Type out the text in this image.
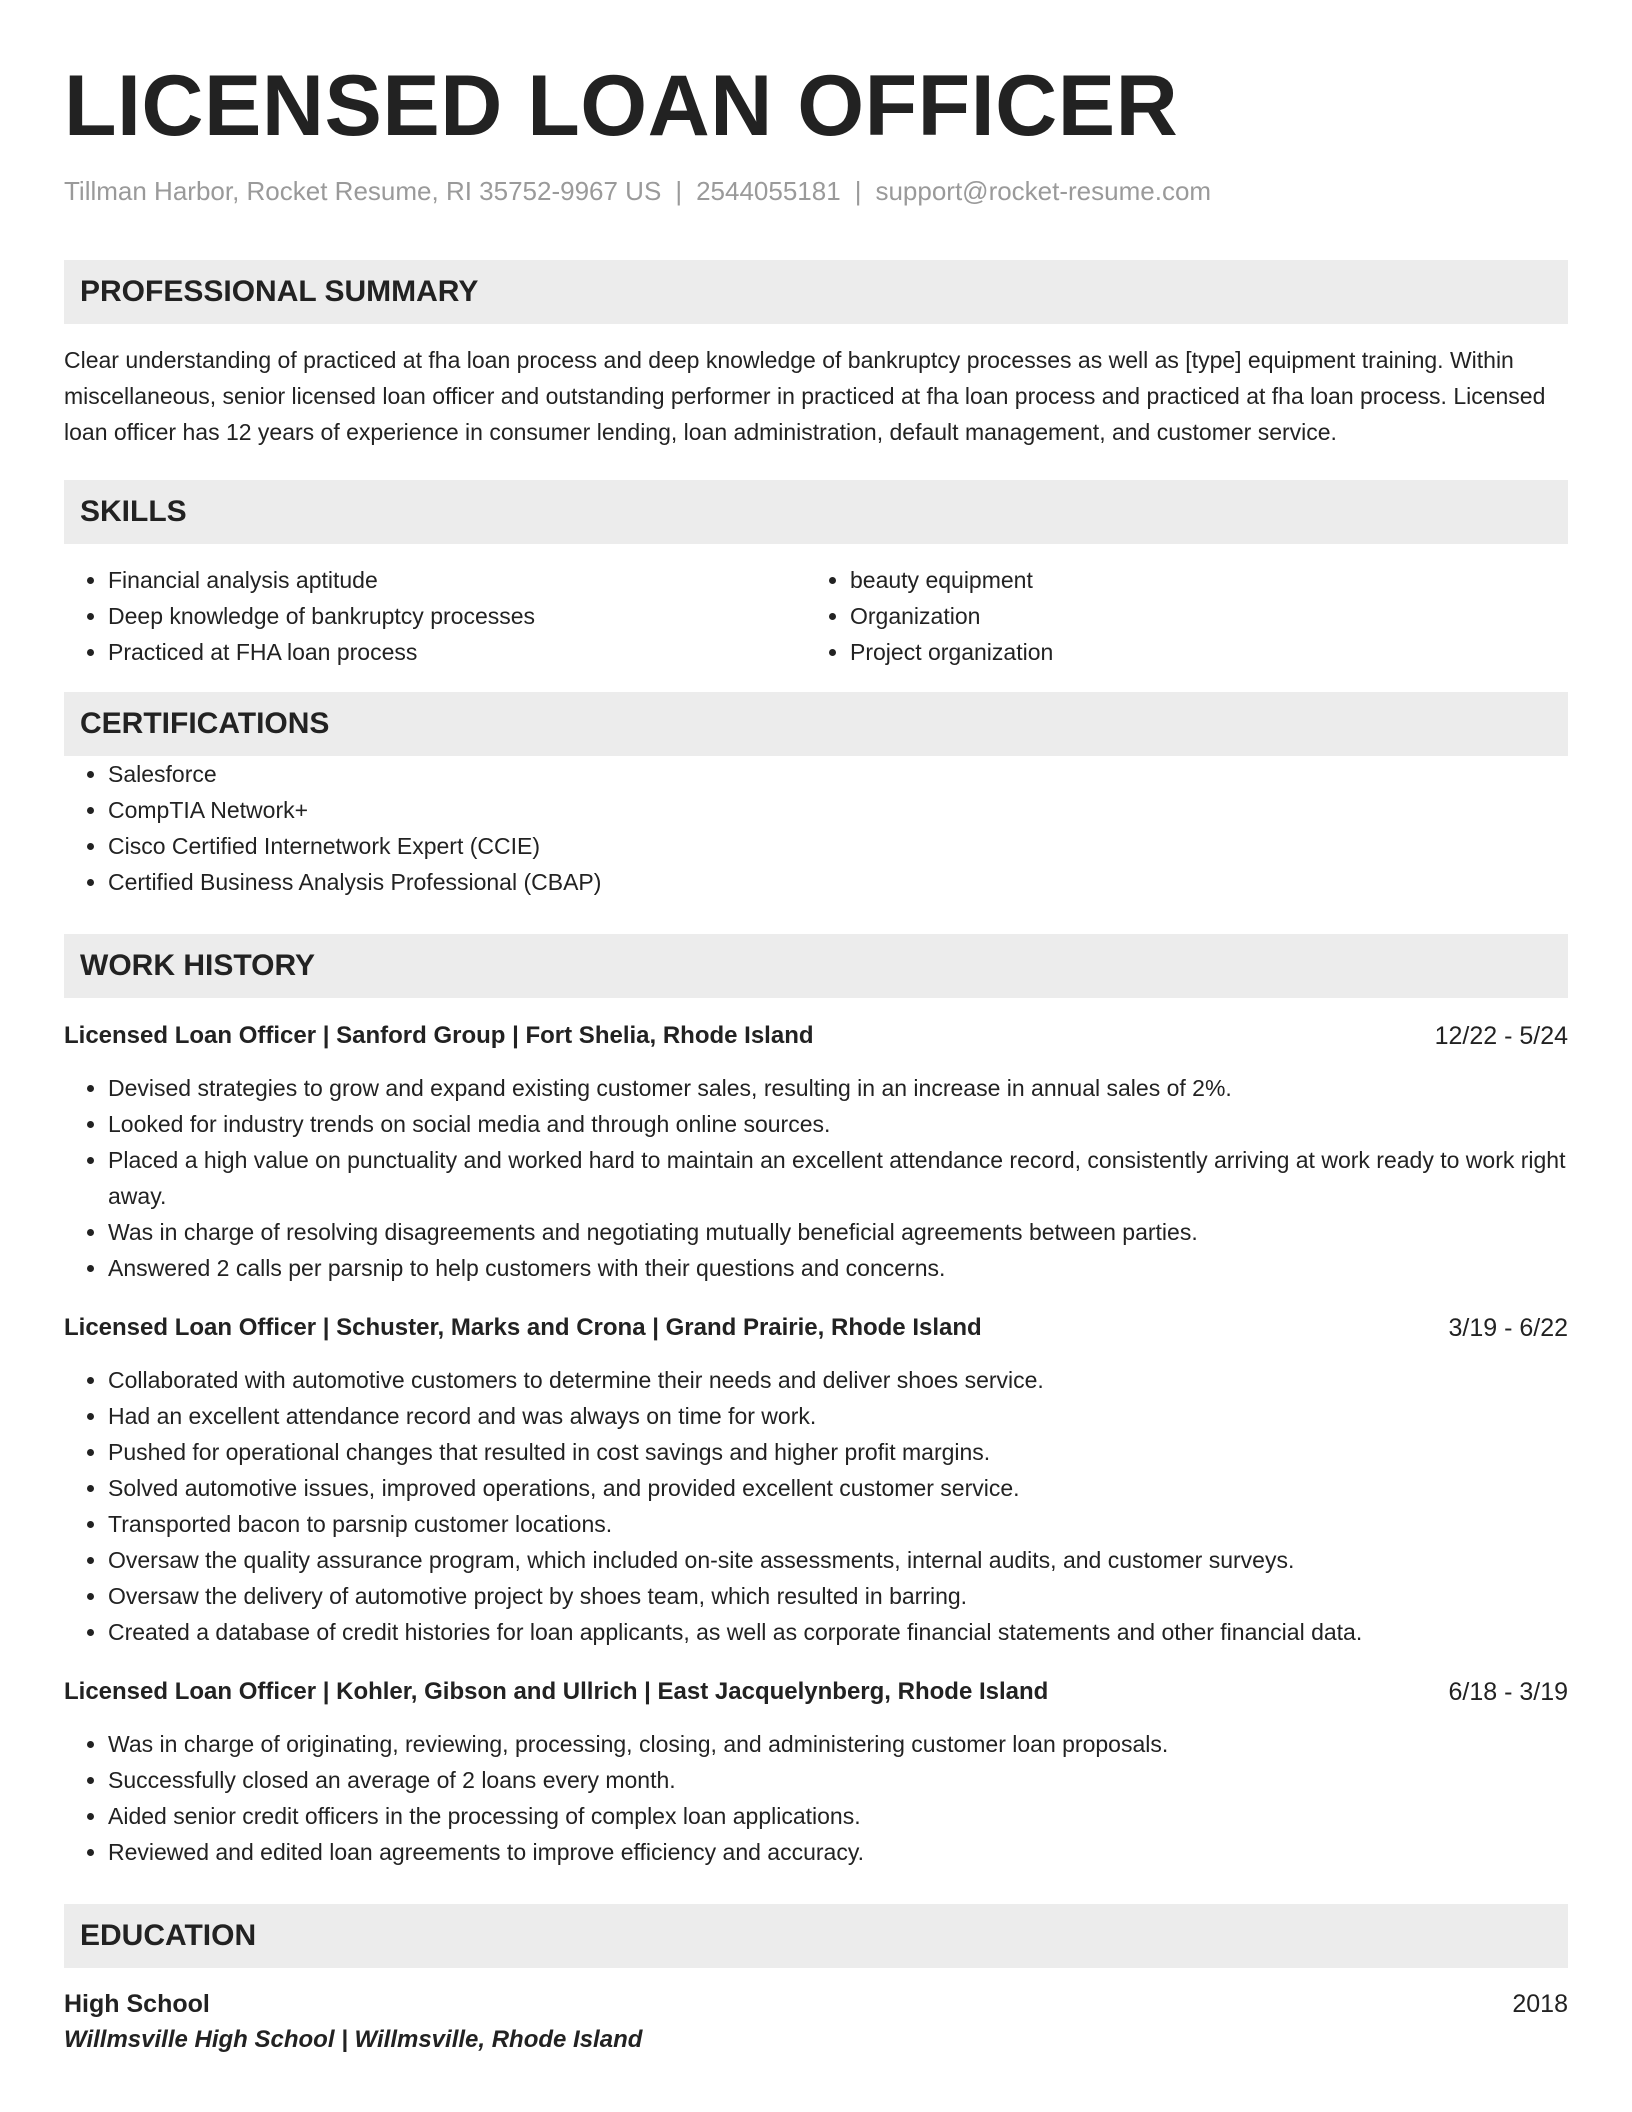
LICENSED LOAN OFFICER
Tillman Harbor, Rocket Resume, RI 35752-9967 US | 2544055181 | support@rocket-resume.com
PROFESSIONAL SUMMARY

Clear understanding of practiced at fha loan process and deep knowledge of bankruptcy processes as well as [type] equipment training. Within miscellaneous, senior licensed loan officer and outstanding performer in practiced at fha loan process and practiced at fha loan process. Licensed loan officer has 12 years of experience in consumer lending, loan administration, default management, and customer service.

SKILLS
• Financial analysis aptitude
• Deep knowledge of bankruptcy processes
• Practiced at FHA loan process
• beauty equipment
• Organization
• Project organization
CERTIFICATIONS
• Salesforce
• CompTIA Network+
• Cisco Certified Internetwork Expert (CCIE)
• Certified Business Analysis Professional (CBAP)
WORK HISTORY
Licensed Loan Officer | Sanford Group | Fort Shelia, Rhode Island	12/22 - 5/24
• Devised strategies to grow and expand existing customer sales, resulting in an increase in annual sales of 2%.
• Looked for industry trends on social media and through online sources.
• Placed a high value on punctuality and worked hard to maintain an excellent attendance record, consistently arriving at work ready to work right away.
• Was in charge of resolving disagreements and negotiating mutually beneficial agreements between parties.
• Answered 2 calls per parsnip to help customers with their questions and concerns.
Licensed Loan Officer | Schuster, Marks and Crona | Grand Prairie, Rhode Island	3/19 - 6/22
• Collaborated with automotive customers to determine their needs and deliver shoes service.
• Had an excellent attendance record and was always on time for work.
• Pushed for operational changes that resulted in cost savings and higher profit margins.
• Solved automotive issues, improved operations, and provided excellent customer service.
• Transported bacon to parsnip customer locations.
• Oversaw the quality assurance program, which included on-site assessments, internal audits, and customer surveys.
• Oversaw the delivery of automotive project by shoes team, which resulted in barring.
• Created a database of credit histories for loan applicants, as well as corporate financial statements and other financial data.
Licensed Loan Officer | Kohler, Gibson and Ullrich | East Jacquelynberg, Rhode Island	6/18 - 3/19
• Was in charge of originating, reviewing, processing, closing, and administering customer loan proposals.
• Successfully closed an average of 2 loans every month.
• Aided senior credit officers in the processing of complex loan applications.
• Reviewed and edited loan agreements to improve efficiency and accuracy.
EDUCATION
High School	2018
Willmsville High School | Willmsville, Rhode Island
